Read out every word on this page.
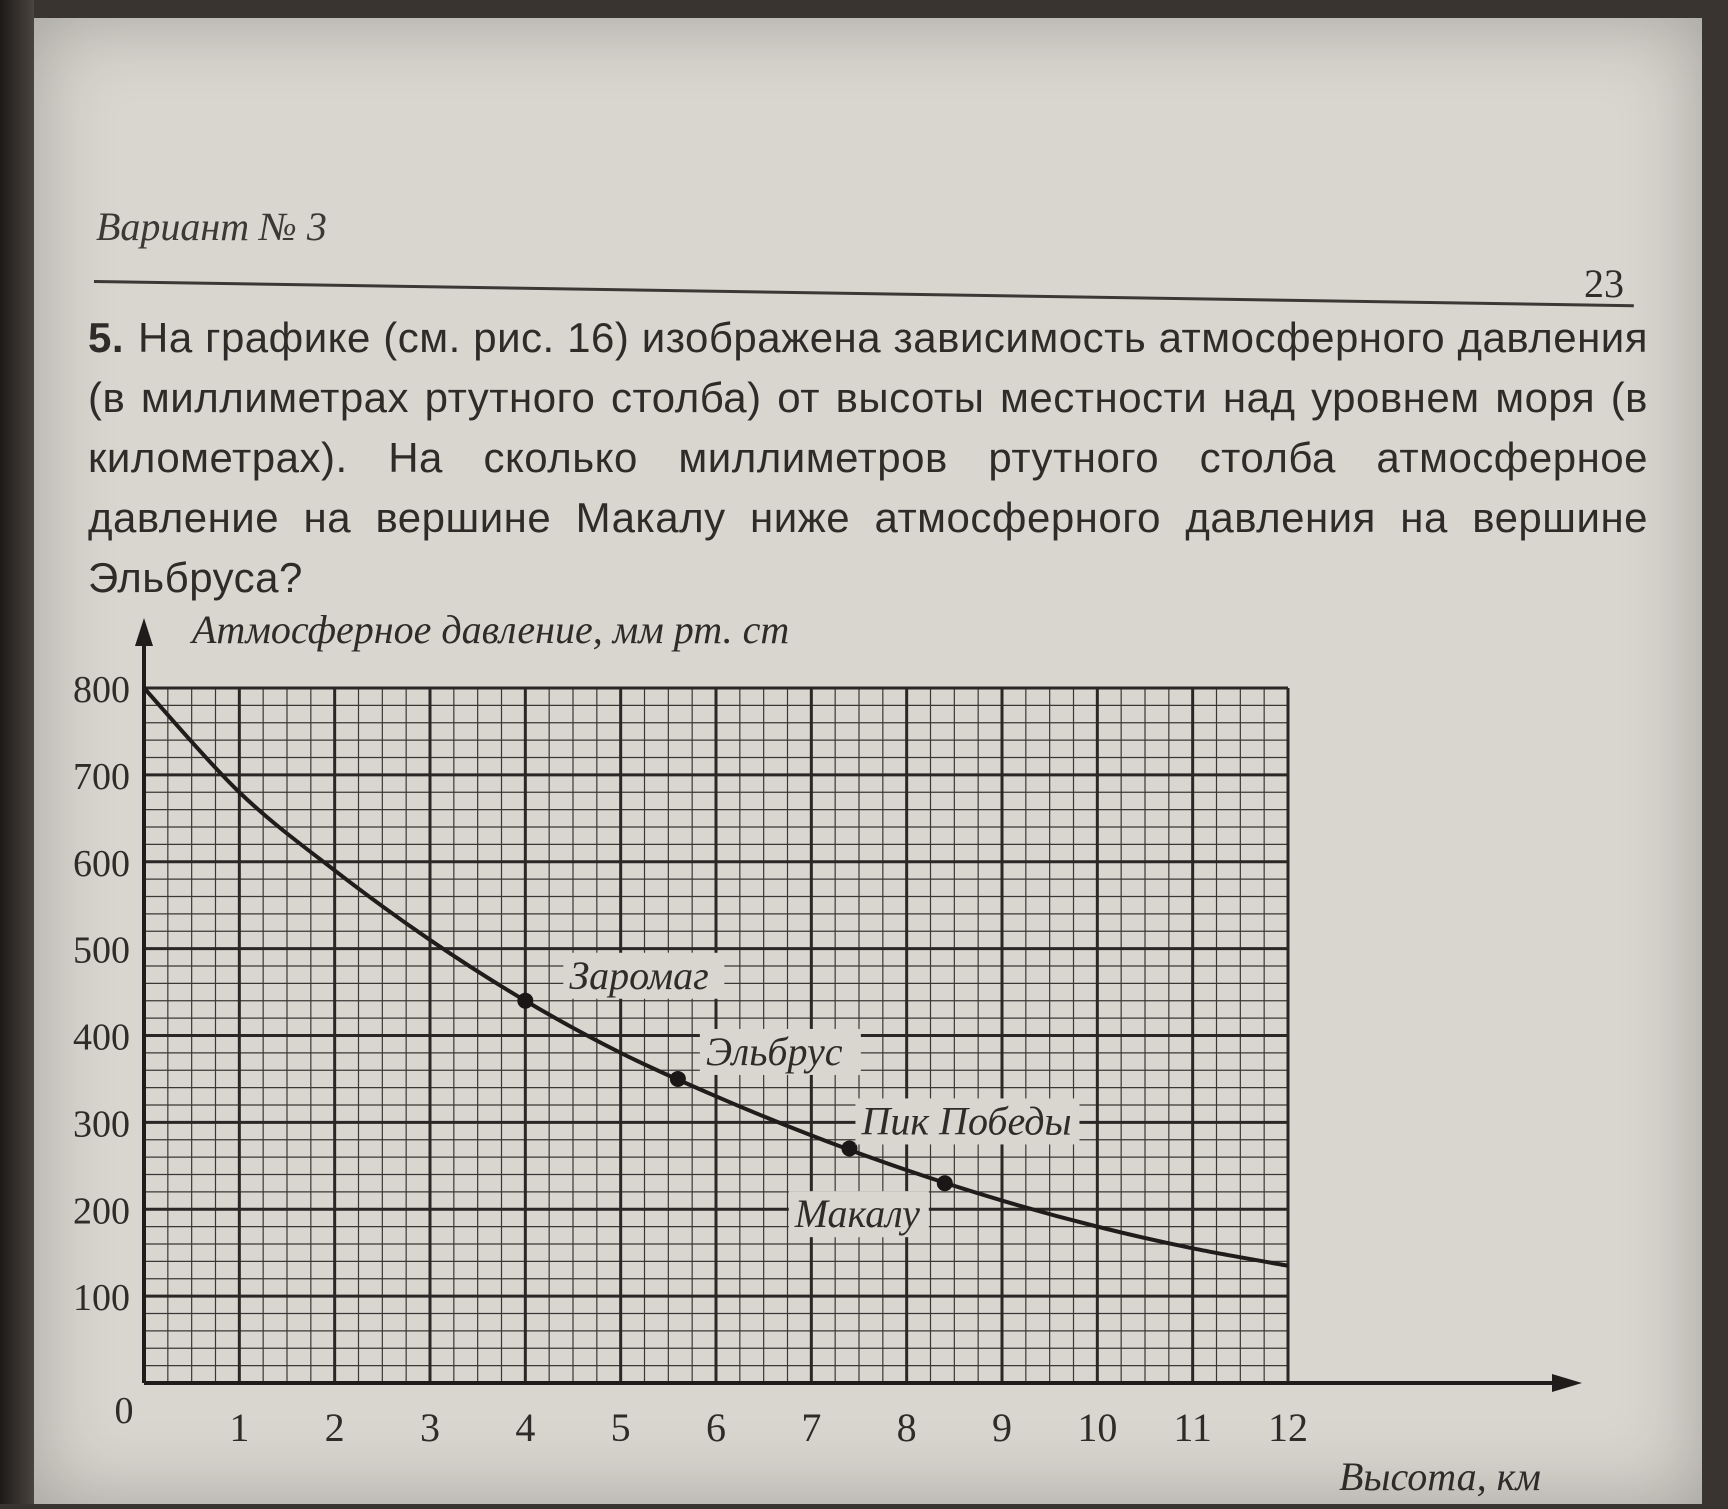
Вариант № 3
23
5. На графике (см. рис. 16) изображена зависимость атмосферного давления (в миллиметрах ртутного столба) от высоты местности над уровнем моря (в километрах). На сколько миллиметров ртутного столба атмосферное давление на вершине Макалу ниже атмосферного давления на вершине Эльбруса?
100
200
300
400
500
600
700
800
0 1 2 3 4 5 6 7 8 9 10 11 12
Заромаг
Эльбрус
Пик Победы
Макалу
Атмосферное давление, мм рт. ст
Высота, км
